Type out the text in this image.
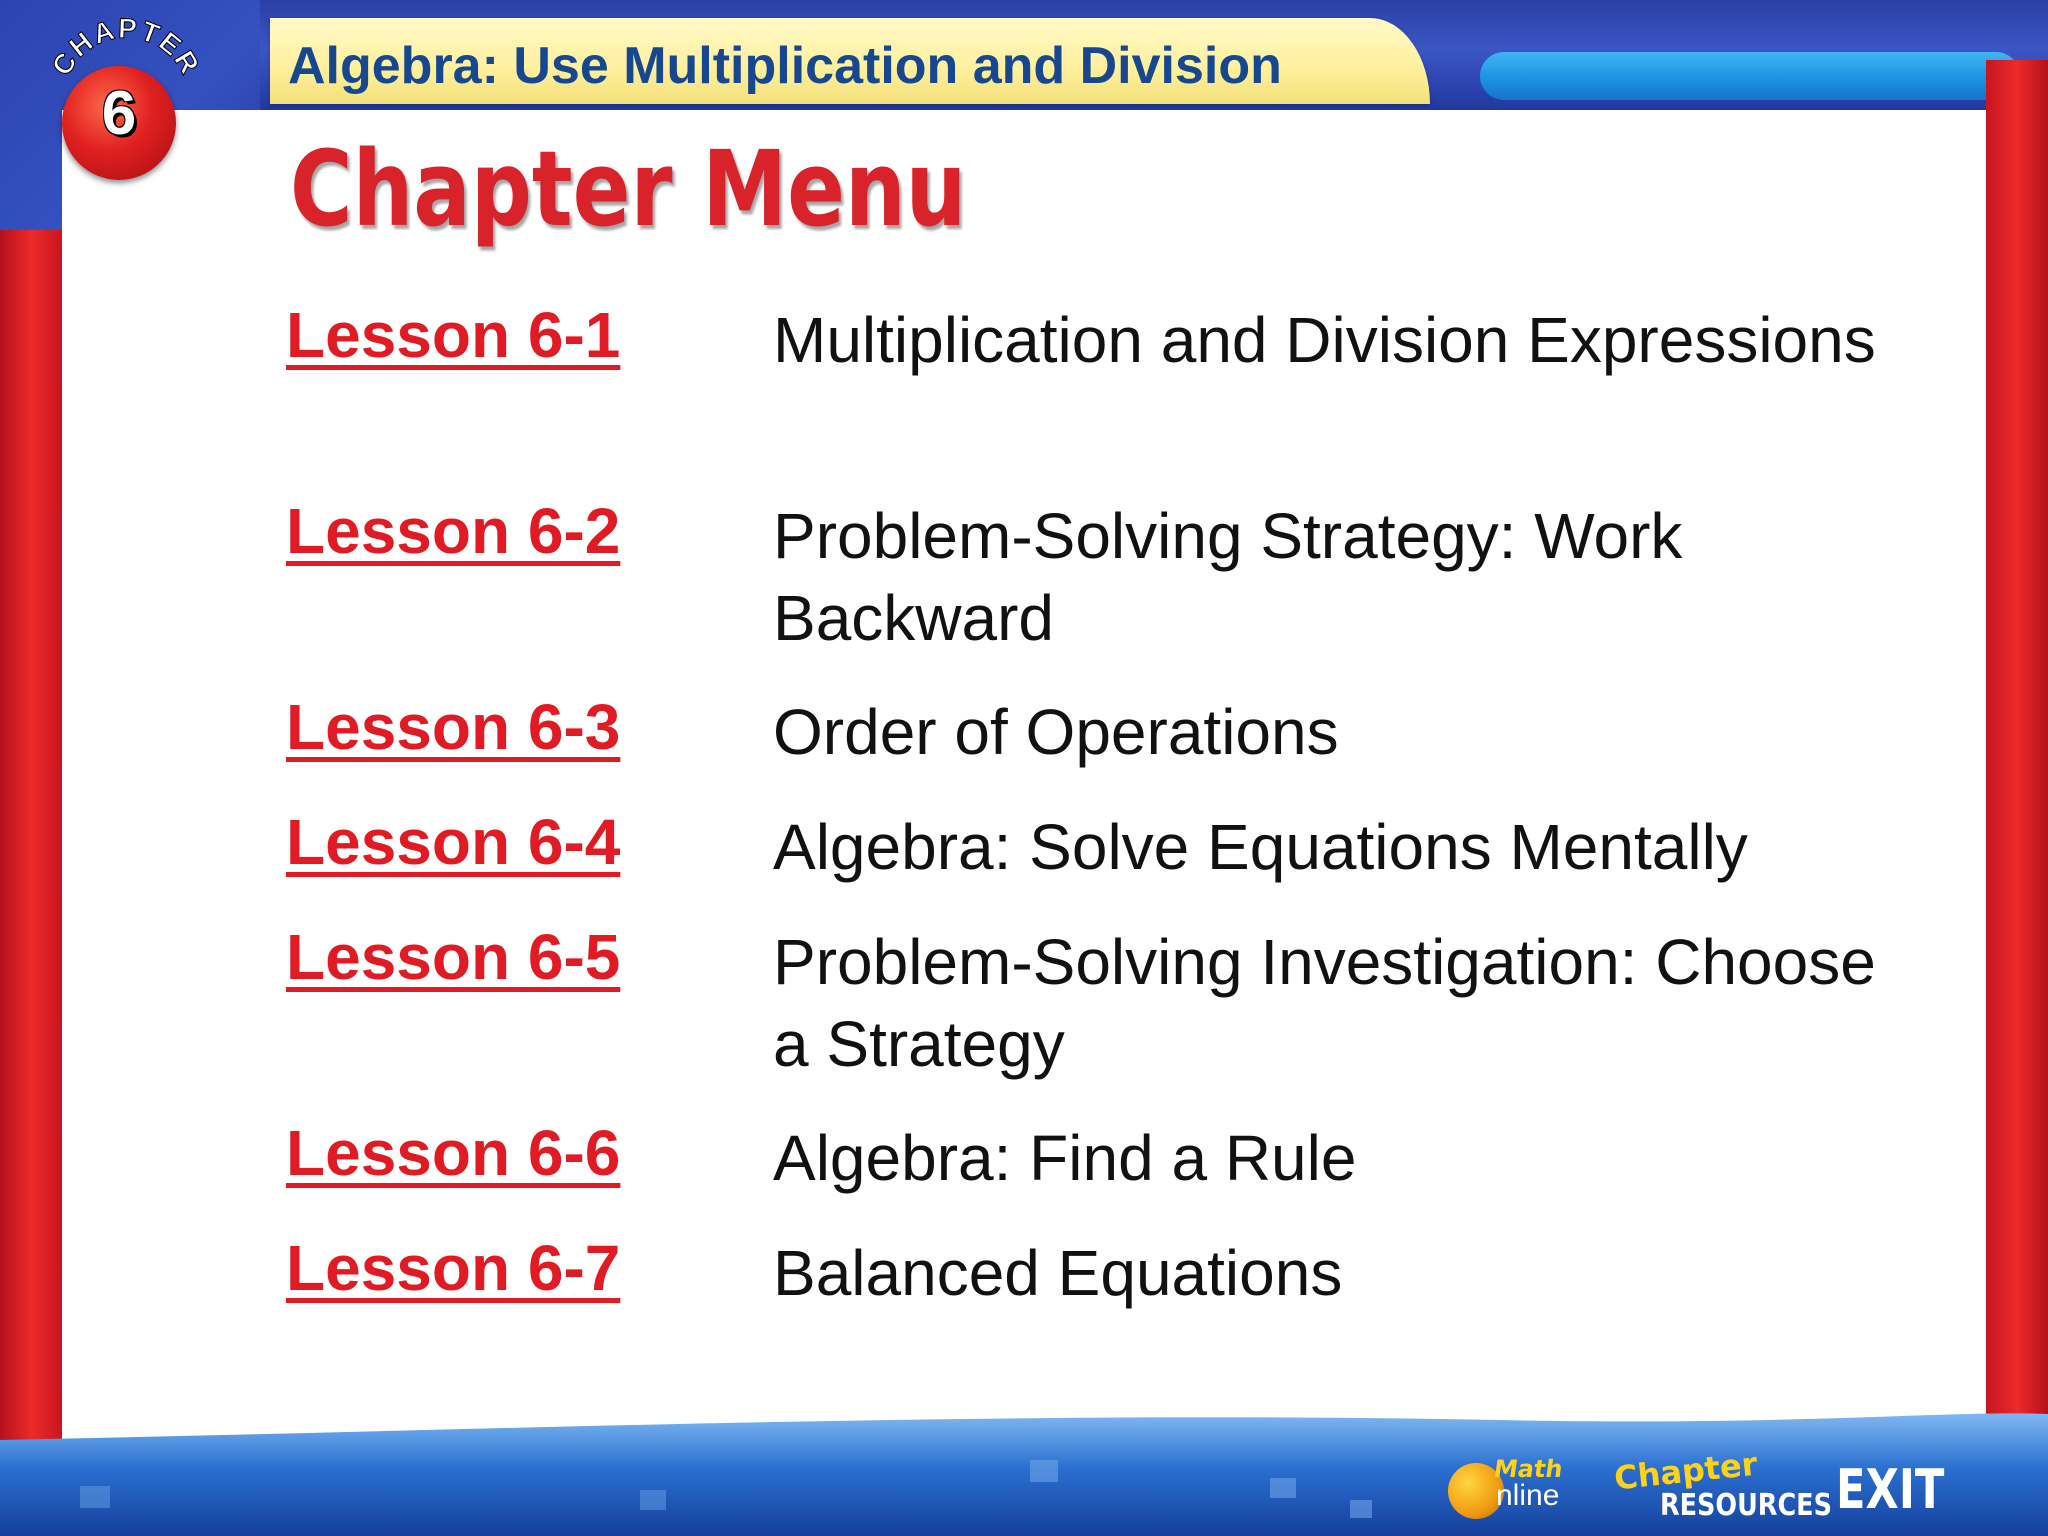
Algebra: Use Multiplication and Division
CHAPTER
6
Chapter Menu
Lesson 6-1 Multiplication and Division Expressions
Lesson 6-2 Problem-Solving Strategy: Work Backward
Lesson 6-3 Order of Operations
Lesson 6-4 Algebra: Solve Equations Mentally
Lesson 6-5 Problem-Solving Investigation: Choose a Strategy
Lesson 6-6 Algebra: Find a Rule
Lesson 6-7 Balanced Equations
Math
nline Chapter
RESOURCES EXIT
